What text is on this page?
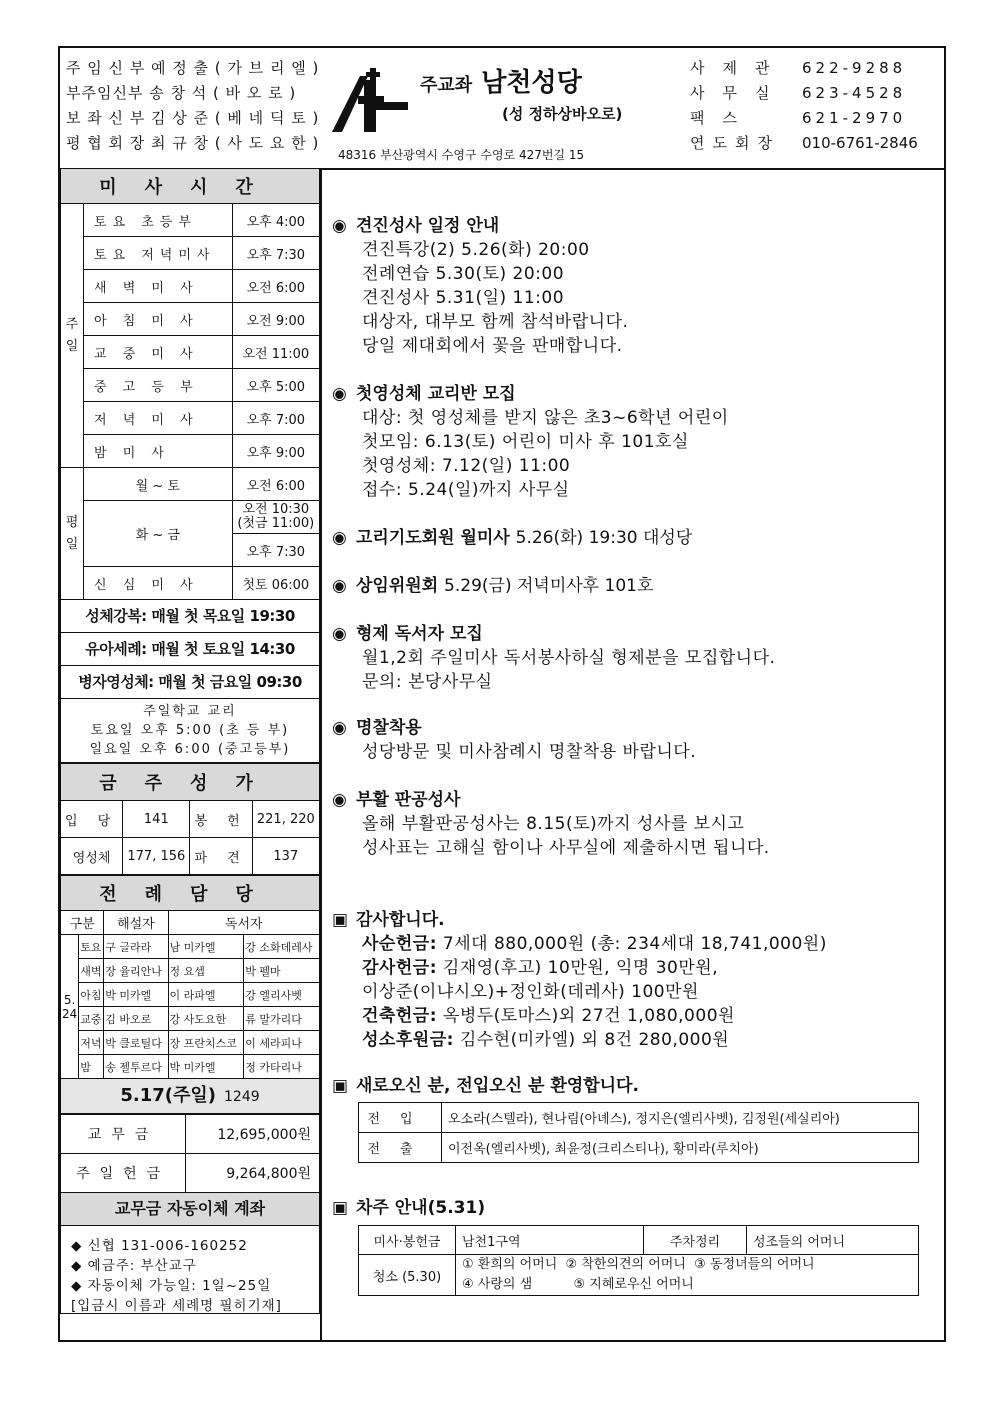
주 임 신 부 예 정 출 ( 가 브 리 엘 )
부주임신부 송 창 석 ( 바 오 로 )
보 좌 신 부 김 상 준 ( 베 네 딕 토 )
평 협 회 장 최 규 창 ( 사 도 요 한 )
주교좌 남천성당
(성 정하상바오로)
48316 부산광역시 수영구 수영로 427번길 15
사제관 622-9288
사무실 623-4528
팩스	621-2970
연도회장	010-6761-2846
미사시간		
주일	토요 초등부	오후 4:00
	토요 저녁미사	오후 7:30
	새 벽 미 사	오전 6:00
	아 침 미 사	오전 9:00
	교 중 미 사	오전 11:00
	중 고 등 부	오후 5:00
	저 녁 미 사	오후 7:00
	밤 미 사	오후 9:00
평일	월 ~ 토	오전 6:00
	화 ~ 금	오전 10:30
(첫금 11:00)

		오후 7:30
	신 심 미 사	첫토 06:00
성체강복: 매월 첫 목요일 19:30
유아세례: 매월 첫 토요일 14:30
병자영성체: 매월 첫 금요일 09:30
주일학교 교리
토요일 오후 5:00 (초 등 부)
일요일 오후 6:00 (중고등부)
금주성가			
입 당	141	봉 헌	221, 220
영성체	177, 156	파 견	137
전례담당				
구분		해설자	독서자	
5. 24	토요	구 글라라	남 미카엘	강 소화데레사
	새벽	장 율리안나	정 요셉	박 펠마
	아침	박 미카엘	이 라파엘	강 엘리사벳
	교중	김 바오로	강 사도요한	류 말가리다
	저녁	박 클로틸다	장 프란치스코	이 세라피나
	밤	송 젤투르다	박 미카엘	정 카타리나
5.17(주일) 1249
교무금	12,695,000원
주일헌금	9,264,800원
교무금 자동이체 계좌
◆ 신협 131-006-160252
◆ 예금주: 부산교구
◆ 자동이체 가능일: 1일~25일
[입금시 이름과 세례명 필히기재]
◉ 견진성사 일정 안내
견진특강(2) 5.26(화) 20:00
전례연습 5.30(토) 20:00
견진성사 5.31(일) 11:00
대상자, 대부모 함께 참석바랍니다.
당일 제대회에서 꽃을 판매합니다.
◉ 첫영성체 교리반 모집
대상: 첫 영성체를 받지 않은 초3~6학년 어린이
첫모임: 6.13(토) 어린이 미사 후 101호실
첫영성체: 7.12(일) 11:00
접수: 5.24(일)까지 사무실
◉ 고리기도회원 월미사 5.26(화) 19:30 대성당
◉ 상임위원회 5.29(금) 저녁미사후 101호
◉ 형제 독서자 모집
월1,2회 주일미사 독서봉사하실 형제분을 모집합니다.
문의: 본당사무실
◉ 명찰착용
성당방문 및 미사참례시 명찰착용 바랍니다.
◉ 부활 판공성사
올해 부활판공성사는 8.15(토)까지 성사를 보시고
성사표는 고해실 함이나 사무실에 제출하시면 됩니다.
▣ 감사합니다.
사순헌금: 7세대 880,000원 (총: 234세대 18,741,000원)
감사헌금: 김재영(후고) 10만원, 익명 30만원,
이상준(이냐시오)+정인화(데레사) 100만원
건축헌금: 옥병두(토마스)외 27건 1,080,000원
성소후원금: 김수현(미카엘) 외 8건 280,000원
▣ 새로오신 분, 전입오신 분 환영합니다.
전입	오소라(스텔라), 현나림(아녜스), 정지은(엘리사벳), 김정원(세실리아)
전출	이전옥(엘리사벳), 최윤정(크리스티나), 황미라(루치아)
▣ 차주 안내(5.31)
미사·봉헌금	남천1구역	주차정리	성조들의 어머니
청소 (5.30)	① 환희의 어머니  ② 착한의견의 어머니  ③ 동정녀들의 어머니
④ 사랑의 샘          ⑤ 지혜로우신 어머니		
